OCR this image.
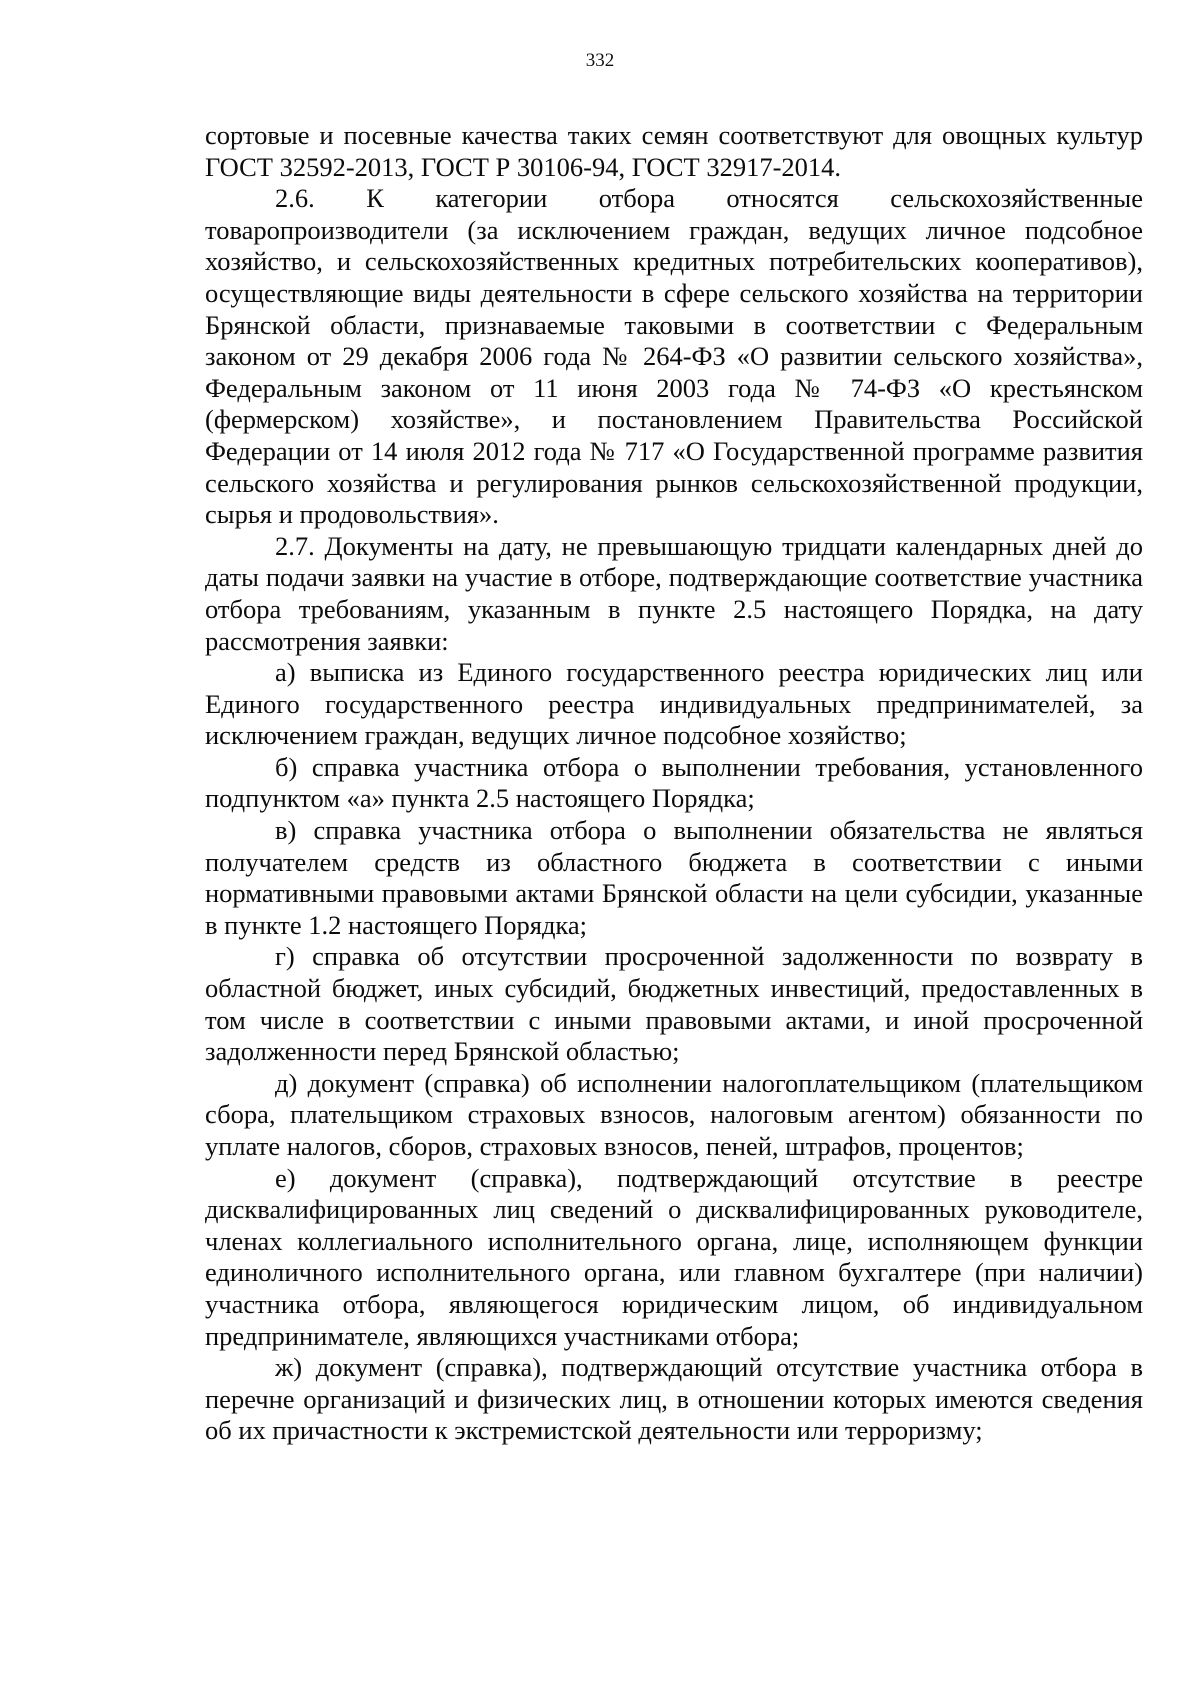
332

сортовые и посевные качества таких семян соответствуют для овощных культур ГОСТ 32592-2013, ГОСТ Р 30106-94, ГОСТ 32917-2014.

2.6. К категории отбора относятся сельскохозяйственные товаропроизводители (за исключением граждан, ведущих личное подсобное хозяйство, и сельскохозяйственных кредитных потребительских кооперативов), осуществляющие виды деятельности в сфере сельского хозяйства на территории Брянской области, признаваемые таковыми в соответствии с Федеральным законом от 29 декабря 2006 года № 264-ФЗ «О развитии сельского хозяйства», Федеральным законом от 11 июня 2003 года № 74-ФЗ «О крестьянском (фермерском) хозяйстве», и постановлением Правительства Российской Федерации от 14 июля 2012 года № 717 «О Государственной программе развития сельского хозяйства и регулирования рынков сельскохозяйственной продукции, сырья и продовольствия».

2.7. Документы на дату, не превышающую тридцати календарных дней до даты подачи заявки на участие в отборе, подтверждающие соответствие участника отбора требованиям, указанным в пункте 2.5 настоящего Порядка, на дату рассмотрения заявки:

а) выписка из Единого государственного реестра юридических лиц или Единого государственного реестра индивидуальных предпринимателей, за исключением граждан, ведущих личное подсобное хозяйство;

б) справка участника отбора о выполнении требования, установленного подпунктом «а» пункта 2.5 настоящего Порядка;

в) справка участника отбора о выполнении обязательства не являться получателем средств из областного бюджета в соответствии с иными нормативными правовыми актами Брянской области на цели субсидии, указанные в пункте 1.2 настоящего Порядка;

г) справка об отсутствии просроченной задолженности по возврату в областной бюджет, иных субсидий, бюджетных инвестиций, предоставленных в том числе в соответствии с иными правовыми актами, и иной просроченной задолженности перед Брянской областью;

д) документ (справка) об исполнении налогоплательщиком (плательщиком сбора, плательщиком страховых взносов, налоговым агентом) обязанности по уплате налогов, сборов, страховых взносов, пеней, штрафов, процентов;

е) документ (справка), подтверждающий отсутствие в реестре дисквалифицированных лиц сведений о дисквалифицированных руководителе, членах коллегиального исполнительного органа, лице, исполняющем функции единоличного исполнительного органа, или главном бухгалтере (при наличии) участника отбора, являющегося юридическим лицом, об индивидуальном предпринимателе, являющихся участниками отбора;

ж) документ (справка), подтверждающий отсутствие участника отбора в перечне организаций и физических лиц, в отношении которых имеются сведения об их причастности к экстремистской деятельности или терроризму;
